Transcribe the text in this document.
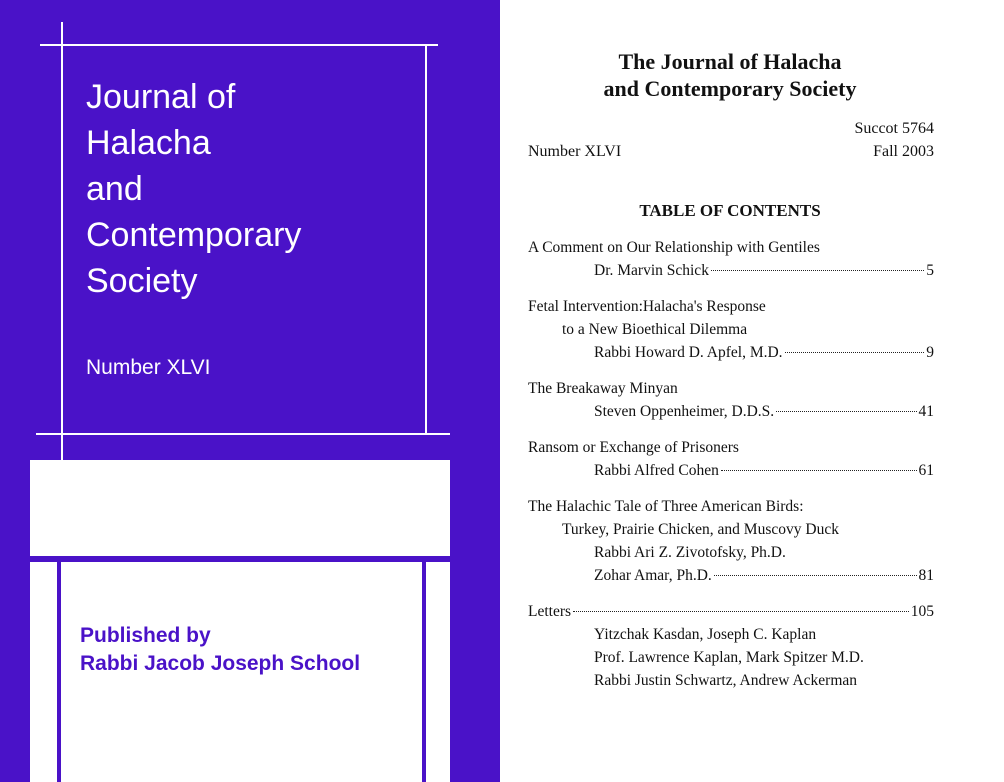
Journal of
Halacha
and
Contemporary
Society
Number XLVI
Published by
Rabbi Jacob Joseph School
The Journal of Halacha
and Contemporary Society
Succot 5764
Number XLVI	Fall 2003
TABLE OF CONTENTS
A Comment on Our Relationship with Gentiles
Dr. Marvin Schick	5
Fetal Intervention:Halacha's Response
to a New Bioethical Dilemma
Rabbi Howard D. Apfel, M.D.	9
The Breakaway Minyan
Steven Oppenheimer, D.D.S.	41
Ransom or Exchange of Prisoners
Rabbi Alfred Cohen	61
The Halachic Tale of Three American Birds:
Turkey, Prairie Chicken, and Muscovy Duck
Rabbi Ari Z. Zivotofsky, Ph.D.
Zohar Amar, Ph.D.	81
Letters	105
Yitzchak Kasdan, Joseph C. Kaplan
Prof. Lawrence Kaplan, Mark Spitzer M.D.
Rabbi Justin Schwartz, Andrew Ackerman
